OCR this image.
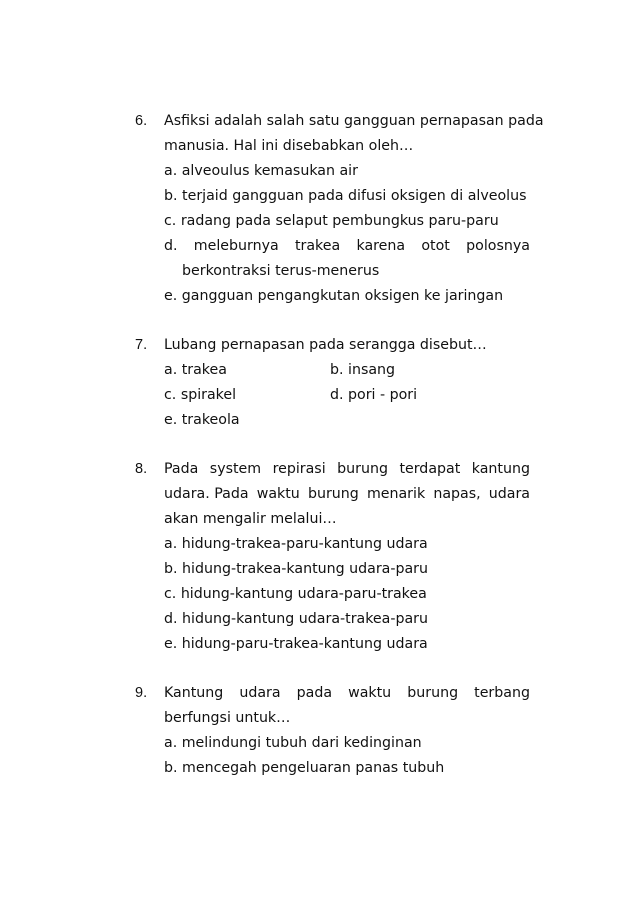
6. Asfiksi adalah salah satu gangguan pernapasan pada
manusia. Hal ini disebabkan oleh…
a. alveoulus kemasukan air
b. terjaid gangguan pada difusi oksigen di alveolus
c. radang pada selaput pembungkus paru-paru
d. meleburnya trakea karena otot polosnya
berkontraksi terus-menerus
e. gangguan pengangkutan oksigen ke jaringan
7. Lubang pernapasan pada serangga disebut…
a. trakea	b. insang
c. spirakel	d. pori - pori
e. trakeola
8. Pada system repirasi burung terdapat kantung
udara. Pada waktu burung menarik napas, udara
akan mengalir melalui…
a. hidung-trakea-paru-kantung udara
b. hidung-trakea-kantung udara-paru
c. hidung-kantung udara-paru-trakea
d. hidung-kantung udara-trakea-paru
e. hidung-paru-trakea-kantung udara
9. Kantung udara pada waktu burung terbang
berfungsi untuk…
a. melindungi tubuh dari kedinginan
b. mencegah pengeluaran panas tubuh
